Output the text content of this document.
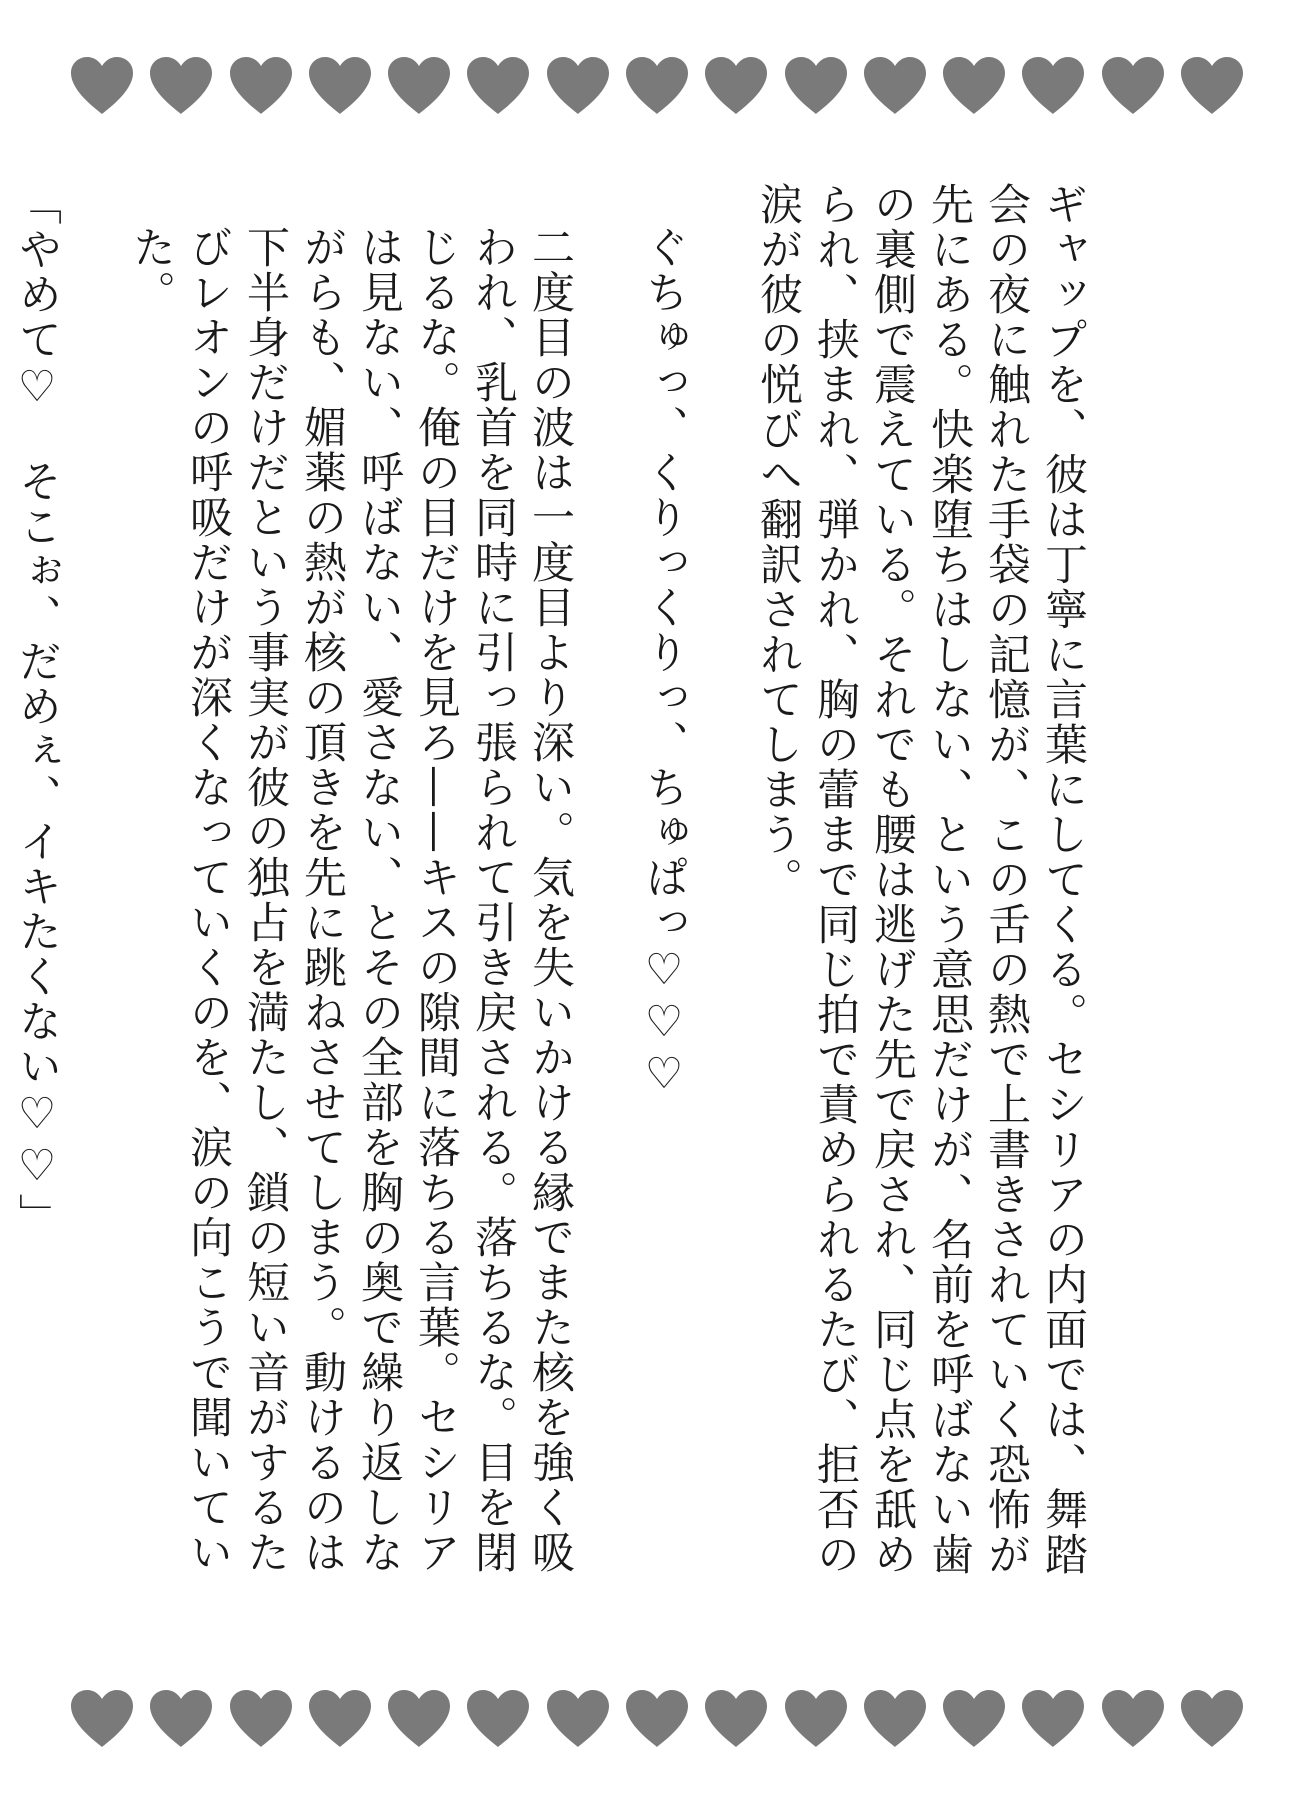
ギャップを、彼は丁寧に言葉にしてくる。セシリアの内面では、舞踏会の夜に触れた手袋の記憶が、この舌の熱で上書きされていく恐怖が先にある。快楽堕ちはしない、という意思だけが、名前を呼ばない歯の裏側で震えている。それでも腰は逃げた先で戻され、同じ点を舐められ、挟まれ、弾かれ、胸の蕾まで同じ拍で責められるたび、拒否の涙が彼の悦びへ翻訳されてしまう。

ぐちゅっ、くりっくりっ、ちゅぱっ♡♡♡

二度目の波は一度目より深い。気を失いかける縁でまた核を強く吸われ、乳首を同時に引っ張られて引き戻される。落ちるな。目を閉じるな。俺の目だけを見ろ——キスの隙間に落ちる言葉。セシリアは見ない、呼ばない、愛さない、とその全部を胸の奥で繰り返しながらも、媚薬の熱が核の頂きを先に跳ねさせてしまう。動けるのは下半身だけだという事実が彼の独占を満たし、鎖の短い音がするたびレオンの呼吸だけが深くなっていくのを、涙の向こうで聞いていた。

「やめて♡　そこぉ、だめぇ、イキたくない♡♡」
